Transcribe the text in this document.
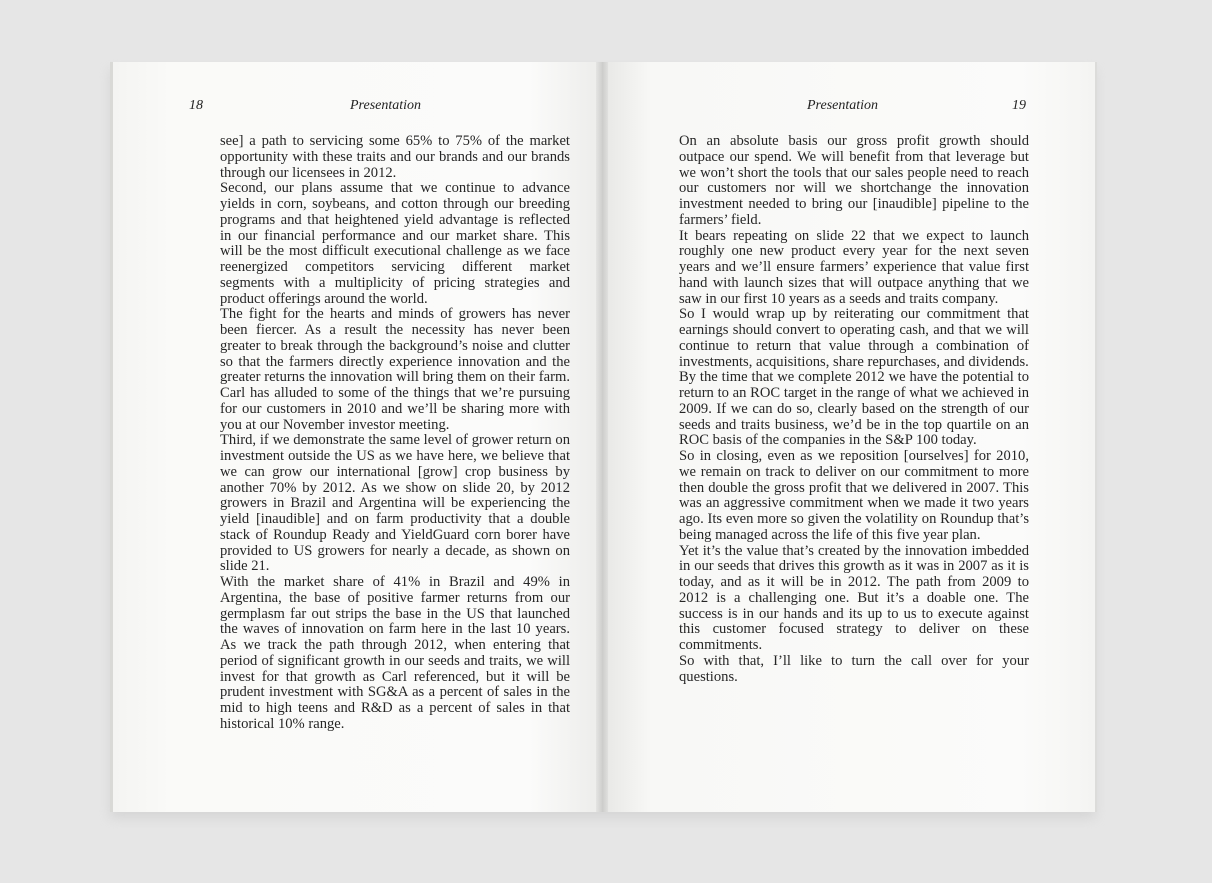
18	Presentation

see] a path to servicing some 65% to 75% of the market opportunity with these traits and our brands and our brands through our licensees in 2012.

Second, our plans assume that we continue to advance yields in corn, soybeans, and cotton through our breeding programs and that heightened yield advantage is reflected in our financial performance and our market share. This will be the most difficult executional challenge as we face reenergized competitors servicing different market segments with a multiplicity of pricing strategies and product offerings around the world.

The fight for the hearts and minds of growers has never been fiercer. As a result the necessity has never been greater to break through the background’s noise and clutter so that the farmers directly experience innovation and the greater returns the innovation will bring them on their farm. Carl has alluded to some of the things that we’re pursuing for our customers in 2010 and we’ll be sharing more with you at our November investor meeting.

Third, if we demonstrate the same level of grower return on investment outside the US as we have here, we believe that we can grow our international [grow] crop business by another 70% by 2012. As we show on slide 20, by 2012 growers in Brazil and Argentina will be experiencing the yield [inaudible] and on farm productivity that a double stack of Roundup Ready and YieldGuard corn borer have provided to US growers for nearly a decade, as shown on slide 21.

With the market share of 41% in Brazil and 49% in Argentina, the base of positive farmer returns from our germplasm far out strips the base in the US that launched the waves of innovation on farm here in the last 10 years. As we track the path through 2012, when entering that period of significant growth in our seeds and traits, we will invest for that growth as Carl referenced, but it will be prudent investment with SG&A as a percent of sales in the mid to high teens and R&D as a percent of sales in that historical 10% range.

Presentation	19

On an absolute basis our gross profit growth should outpace our spend. We will benefit from that leverage but we won’t short the tools that our sales people need to reach our customers nor will we shortchange the innovation investment needed to bring our [inaudible] pipeline to the farmers’ field.

It bears repeating on slide 22 that we expect to launch roughly one new product every year for the next seven years and we’ll ensure farmers’ experience that value first hand with launch sizes that will outpace anything that we saw in our first 10 years as a seeds and traits company.

So I would wrap up by reiterating our commitment that earnings should convert to operating cash, and that we will continue to return that value through a combination of investments, acquisitions, share repurchases, and dividends.

By the time that we complete 2012 we have the potential to return to an ROC target in the range of what we achieved in 2009. If we can do so, clearly based on the strength of our seeds and traits business, we’d be in the top quartile on an ROC basis of the companies in the S&P 100 today.

So in closing, even as we reposition [ourselves] for 2010, we remain on track to deliver on our commitment to more then double the gross profit that we delivered in 2007. This was an aggressive commitment when we made it two years ago. Its even more so given the volatility on Roundup that’s being managed across the life of this five year plan.

Yet it’s the value that’s created by the innovation imbedded in our seeds that drives this growth as it was in 2007 as it is today, and as it will be in 2012. The path from 2009 to 2012 is a challenging one. But it’s a doable one. The success is in our hands and its up to us to execute against this customer focused strategy to deliver on these commitments.

So with that, I’ll like to turn the call over for your questions.
